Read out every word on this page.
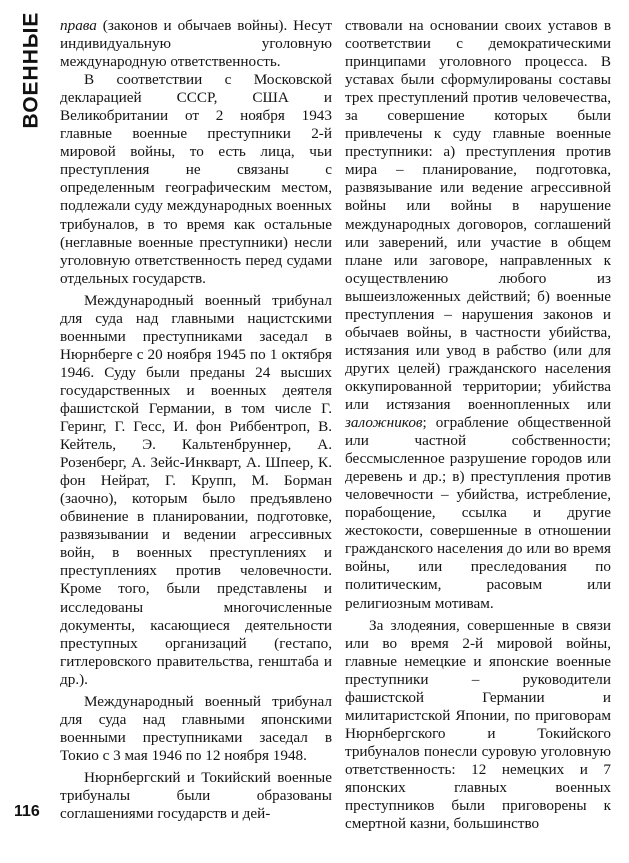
ВОЕННЫЕ
116

права (законов и обычаев войны). Несут индивидуальную уголовную международную ответственность.

В соответствии с Московской декларацией СССР, США и Великобритании от 2 ноября 1943 главные военные преступники 2-й мировой войны, то есть лица, чьи преступления не связаны с определенным географическим местом, подлежали суду международных военных трибуналов, в то время как остальные (неглавные военные преступники) несли уголовную ответственность перед судами отдельных государств.

Международный военный трибунал для суда над главными нацистскими военными преступниками заседал в Нюрнберге с 20 ноября 1945 по 1 октября 1946. Суду были преданы 24 высших государственных и военных деятеля фашистской Германии, в том числе Г. Геринг, Г. Гесс, И. фон Риббентроп, В. Кейтель, Э. Кальтенбруннер, А. Розенберг, А. Зейс-Инкварт, А. Шпеер, К. фон Нейрат, Г. Крупп, М. Борман (заочно), которым было предъявлено обвинение в планировании, подготовке, развязывании и ведении агрессивных войн, в военных преступлениях и преступлениях против человечности. Кроме того, были представлены и исследованы многочисленные документы, касающиеся деятельности преступных организаций (гестапо, гитлеровского правительства, генштаба и др.).

Международный военный трибунал для суда над главными японскими военными преступниками заседал в Токио с 3 мая 1946 по 12 ноября 1948.

Нюрнбергский и Токийский военные трибуналы были образованы соглашениями государств и дей-

ствовали на основании своих уставов в соответствии с демократическими принципами уголовного процесса. В уставах были сформулированы составы трех преступлений против человечества, за совершение которых были привлечены к суду главные военные преступники: а) преступления против мира – планирование, подготовка, развязывание или ведение агрессивной войны или войны в нарушение международных договоров, соглашений или заверений, или участие в общем плане или заговоре, направленных к осуществлению любого из вышеизложенных действий; б) военные преступления – нарушения законов и обычаев войны, в частности убийства, истязания или увод в рабство (или для других целей) гражданского населения оккупированной территории; убийства или истязания военнопленных или заложников; ограбление общественной или частной собственности; бессмысленное разрушение городов или деревень и др.; в) преступления против человечности – убийства, истребление, порабощение, ссылка и другие жестокости, совершенные в отношении гражданского населения до или во время войны, или преследования по политическим, расовым или религиозным мотивам.

За злодеяния, совершенные в связи или во время 2-й мировой войны, главные немецкие и японские военные преступники – руководители фашистской Германии и милитаристской Японии, по приговорам Нюрнбергского и Токийского трибуналов понесли суровую уголовную ответственность: 12 немецких и 7 японских главных военных преступников были приговорены к смертной казни, большинство
